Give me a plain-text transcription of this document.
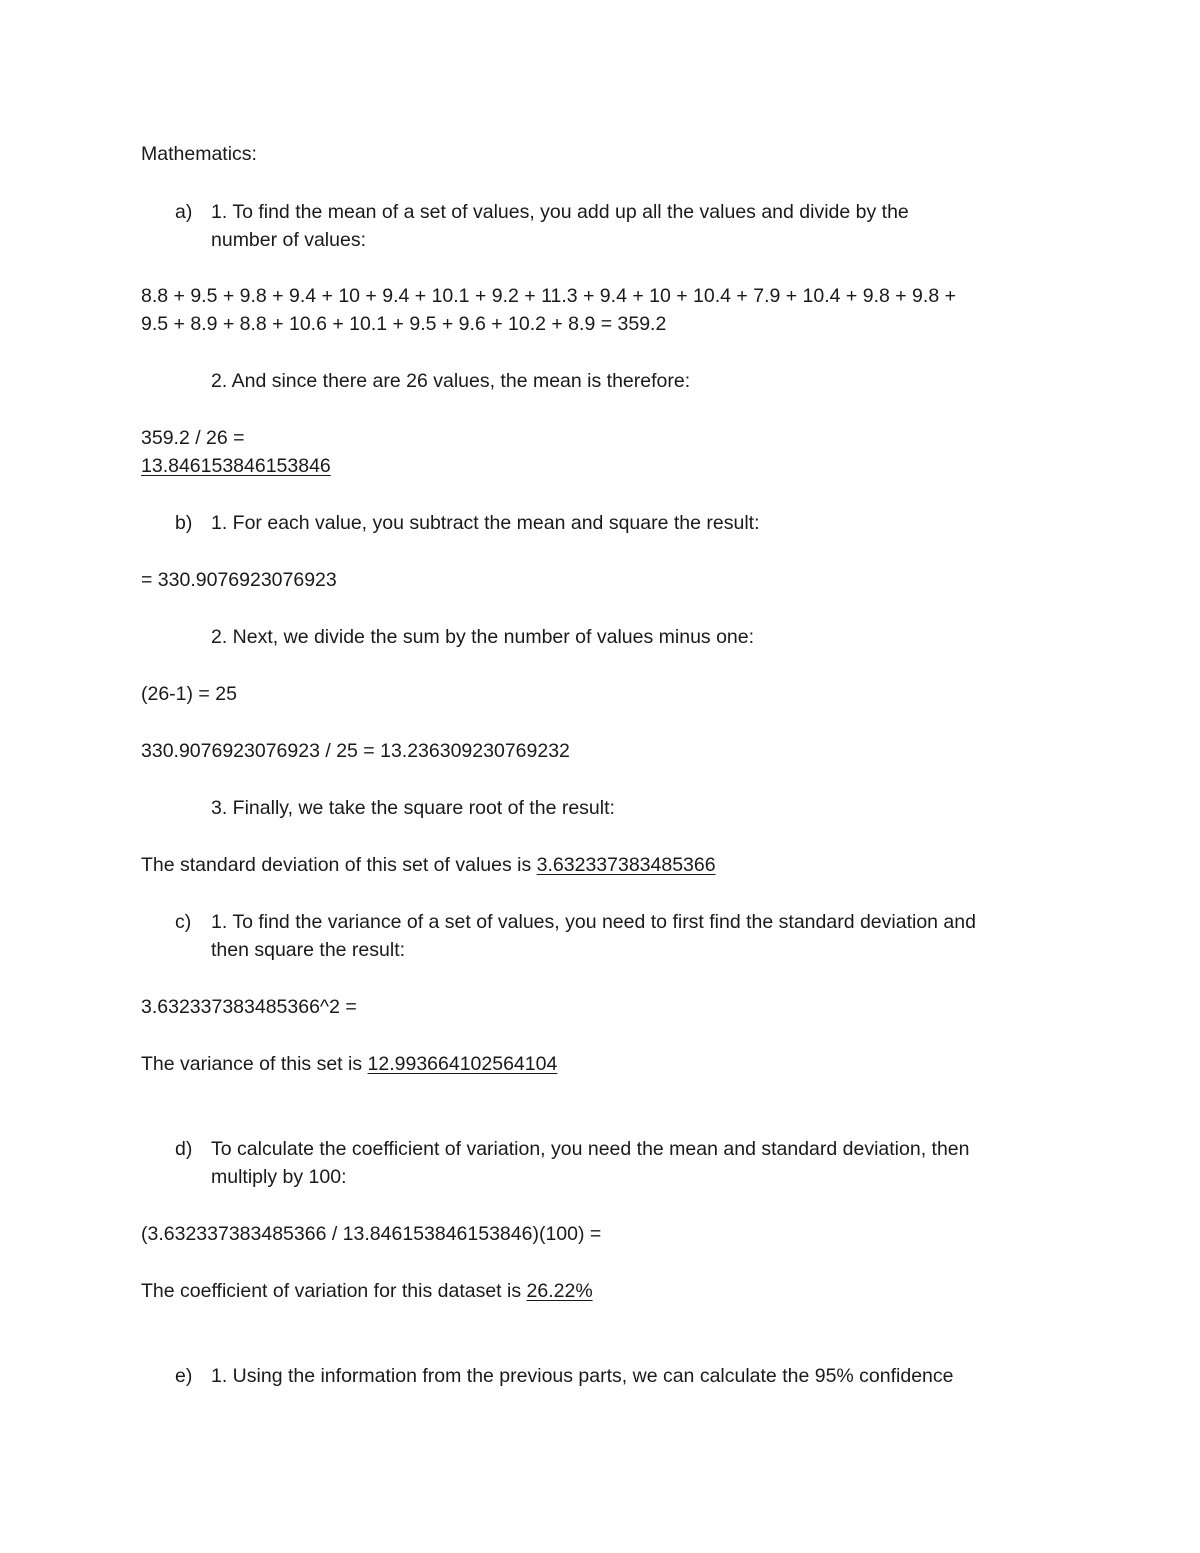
Mathematics:
a) 1. To find the mean of a set of values, you add up all the values and divide by the
number of values:
8.8 + 9.5 + 9.8 + 9.4 + 10 + 9.4 + 10.1 + 9.2 + 11.3 + 9.4 + 10 + 10.4 + 7.9 + 10.4 + 9.8 + 9.8 +
9.5 + 8.9 + 8.8 + 10.6 + 10.1 + 9.5 + 9.6 + 10.2 + 8.9 = 359.2
2. And since there are 26 values, the mean is therefore:
359.2 / 26 =
13.846153846153846
b) 1. For each value, you subtract the mean and square the result:
= 330.9076923076923
2. Next, we divide the sum by the number of values minus one:
(26-1) = 25
330.9076923076923 / 25 = 13.236309230769232
3. Finally, we take the square root of the result:
The standard deviation of this set of values is 3.632337383485366
c) 1. To find the variance of a set of values, you need to first find the standard deviation and
then square the result:
3.632337383485366^2 =
The variance of this set is 12.993664102564104
d) To calculate the coefficient of variation, you need the mean and standard deviation, then
multiply by 100:
(3.632337383485366 / 13.846153846153846)(100) =
The coefficient of variation for this dataset is 26.22%
e) 1. Using the information from the previous parts, we can calculate the 95% confidence
